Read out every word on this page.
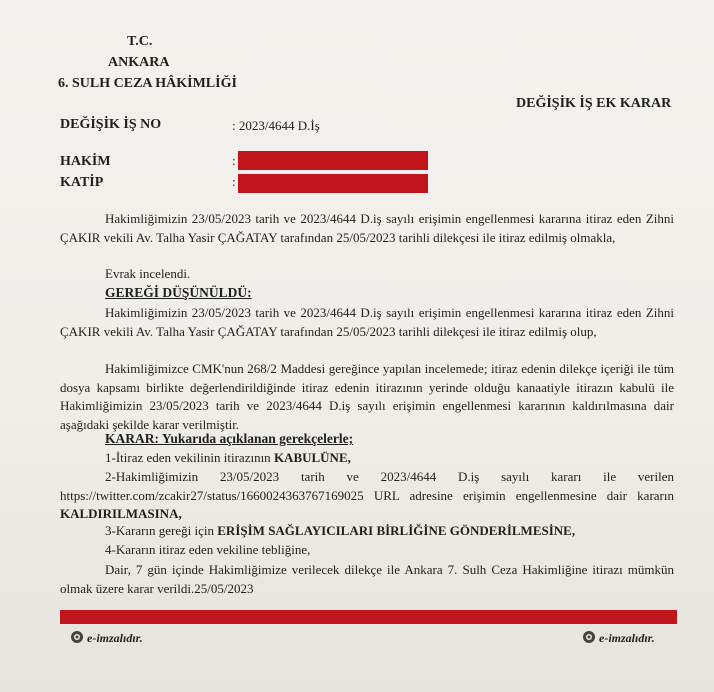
T.C.
ANKARA
6. SULH CEZA HÂKİMLİĞİ
DEĞİŞİK İŞ EK KARAR
DEĞİŞİK İŞ NO	: 2023/4644 D.İş
HAKİM	:
KATİP	:
Hakimliğimizin 23/05/2023 tarih ve 2023/4644 D.iş sayılı erişimin engellenmesi kararına itiraz eden Zihni ÇAKIR vekili Av. Talha Yasir ÇAĞATAY tarafından 25/05/2023 tarihli dilekçesi ile itiraz edilmiş olmakla,
Evrak incelendi.
GEREĞİ DÜŞÜNÜLDÜ:
Hakimliğimizin 23/05/2023 tarih ve 2023/4644 D.iş sayılı erişimin engellenmesi kararına itiraz eden Zihni ÇAKIR vekili Av. Talha Yasir ÇAĞATAY tarafından 25/05/2023 tarihli dilekçesi ile itiraz edilmiş olup,
Hakimliğimizce CMK'nun 268/2 Maddesi gereğince yapılan incelemede; itiraz edenin dilekçe içeriği ile tüm dosya kapsamı birlikte değerlendirildiğinde itiraz edenin itirazının yerinde olduğu kanaatiyle itirazın kabulü ile Hakimliğimizin 23/05/2023 tarih ve 2023/4644 D.iş sayılı erişimin engellenmesi kararının kaldırılmasına dair aşağıdaki şekilde karar verilmiştir.
KARAR: Yukarıda açıklanan gerekçelerle;
1-İtiraz eden vekilinin itirazının KABULÜNE,
2-Hakimliğimizin 23/05/2023 tarih ve 2023/4644 D.iş sayılı kararı ile verilen https://twitter.com/zcakir27/status/1660024363767169025 URL adresine erişimin engellenmesine dair kararın KALDIRILMASINA,
3-Kararın gereği için ERİŞİM SAĞLAYICILARI BİRLİĞİNE GÖNDERİLMESİNE,
4-Kararın itiraz eden vekiline tebliğine,
Dair, 7 gün içinde Hakimliğimize verilecek dilekçe ile Ankara 7. Sulh Ceza Hakimliğine itirazı mümkün olmak üzere karar verildi.25/05/2023
e-imzalıdır.	e-imzalıdır.
